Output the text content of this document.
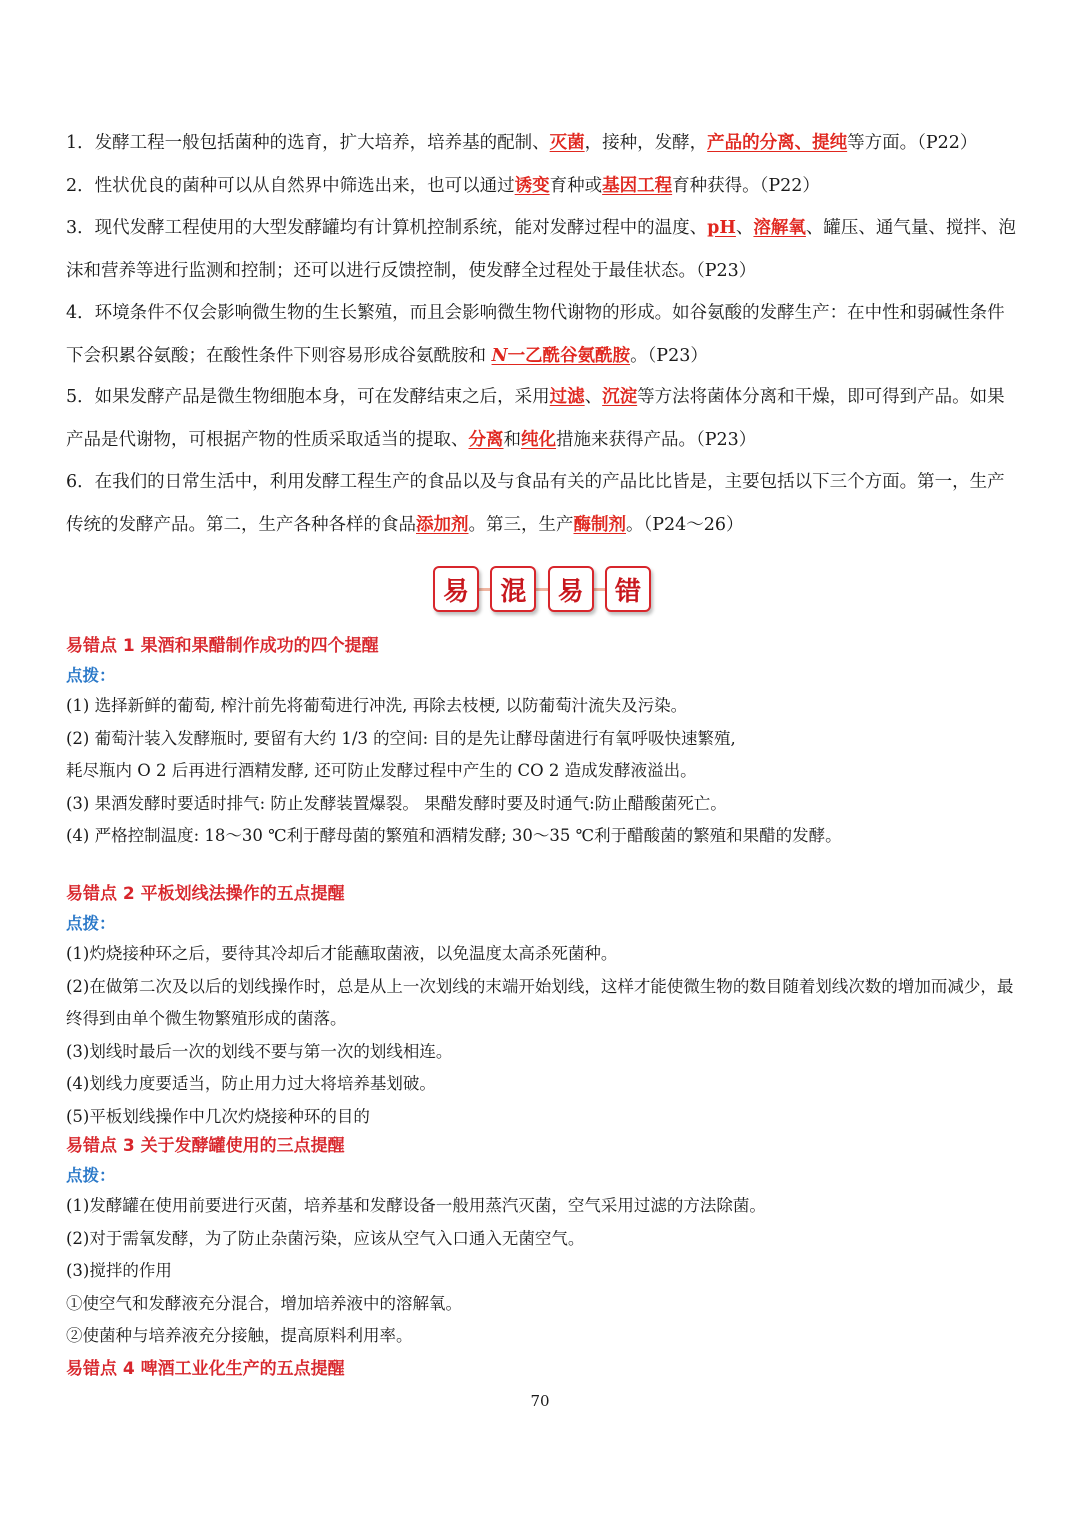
1．发酵工程一般包括菌种的选育，扩大培养，培养基的配制、灭菌，接种，发酵，产品的分离、提纯等方面。（P22）

2．性状优良的菌种可以从自然界中筛选出来，也可以通过诱变育种或基因工程育种获得。（P22）

3．现代发酵工程使用的大型发酵罐均有计算机控制系统，能对发酵过程中的温度、pH、溶解氧、罐压、通气量、搅拌、泡沫和营养等进行监测和控制；还可以进行反馈控制，使发酵全过程处于最佳状态。（P23）

4．环境条件不仅会影响微生物的生长繁殖，而且会影响微生物代谢物的形成。如谷氨酸的发酵生产：在中性和弱碱性条件下会积累谷氨酸；在酸性条件下则容易形成谷氨酰胺和 N一乙酰谷氨酰胺。（P23）

5．如果发酵产品是微生物细胞本身，可在发酵结束之后，采用过滤、沉淀等方法将菌体分离和干燥，即可得到产品。如果产品是代谢物，可根据产物的性质采取适当的提取、分离和纯化措施来获得产品。（P23）

6．在我们的日常生活中，利用发酵工程生产的食品以及与食品有关的产品比比皆是，主要包括以下三个方面。第一，生产传统的发酵产品。第二，生产各种各样的食品添加剂。第三，生产酶制剂。（P24～26）

易	混	易	错
易错点 1 果酒和果醋制作成功的四个提醒
点拨：

(1) 选择新鲜的葡萄, 榨汁前先将葡萄进行冲洗, 再除去枝梗, 以防葡萄汁流失及污染。

(2) 葡萄汁装入发酵瓶时, 要留有大约 1/3 的空间: 目的是先让酵母菌进行有氧呼吸快速繁殖,

耗尽瓶内 O 2 后再进行酒精发酵, 还可防止发酵过程中产生的 CO 2 造成发酵液溢出。

(3) 果酒发酵时要适时排气: 防止发酵装置爆裂。 果醋发酵时要及时通气:防止醋酸菌死亡。

(4) 严格控制温度: 18～30 ℃利于酵母菌的繁殖和酒精发酵; 30～35 ℃利于醋酸菌的繁殖和果醋的发酵。

易错点 2 平板划线法操作的五点提醒
点拨：

(1)灼烧接种环之后，要待其冷却后才能蘸取菌液，以免温度太高杀死菌种。

(2)在做第二次及以后的划线操作时，总是从上一次划线的末端开始划线，这样才能使微生物的数目随着划线次数的增加而减少，最终得到由单个微生物繁殖形成的菌落。

(3)划线时最后一次的划线不要与第一次的划线相连。

(4)划线力度要适当，防止用力过大将培养基划破。

(5)平板划线操作中几次灼烧接种环的目的

易错点 3 关于发酵罐使用的三点提醒
点拨：

(1)发酵罐在使用前要进行灭菌，培养基和发酵设备一般用蒸汽灭菌，空气采用过滤的方法除菌。

(2)对于需氧发酵，为了防止杂菌污染，应该从空气入口通入无菌空气。

(3)搅拌的作用

①使空气和发酵液充分混合，增加培养液中的溶解氧。

②使菌种与培养液充分接触，提高原料利用率。

易错点 4 啤酒工业化生产的五点提醒
70
